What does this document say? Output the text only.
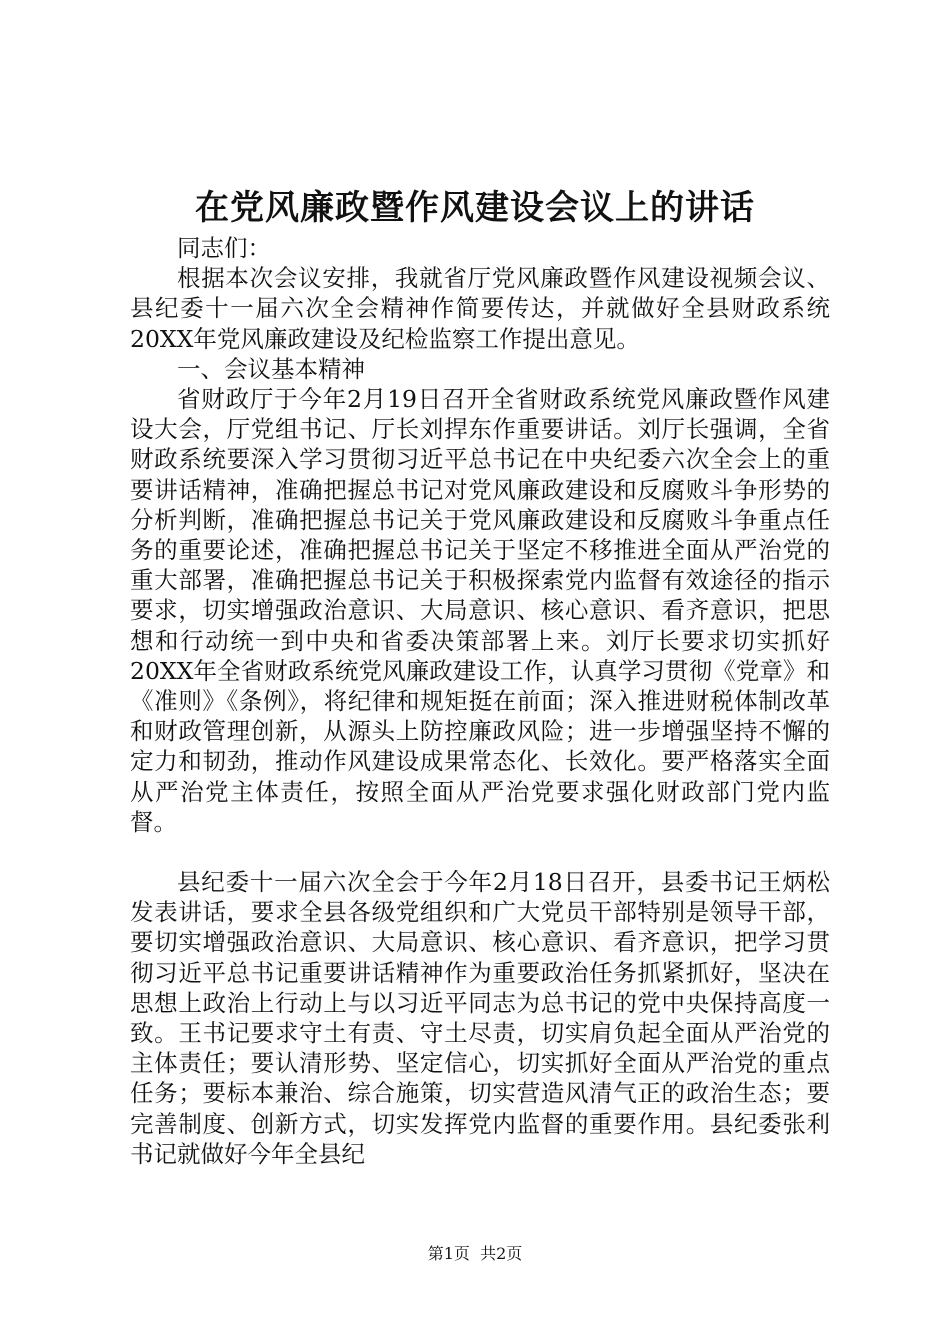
在党风廉政暨作风建设会议上的讲话

同志们：

根据本次会议安排，我就省厅党风廉政暨作风建设视频会议、县纪委十一届六次全会精神作简要传达，并就做好全县财政系统20XX年党风廉政建设及纪检监察工作提出意见。

一、会议基本精神

省财政厅于今年2月19日召开全省财政系统党风廉政暨作风建设大会，厅党组书记、厅长刘捍东作重要讲话。刘厅长强调，全省财政系统要深入学习贯彻习近平总书记在中央纪委六次全会上的重要讲话精神，准确把握总书记对党风廉政建设和反腐败斗争形势的分析判断，准确把握总书记关于党风廉政建设和反腐败斗争重点任务的重要论述，准确把握总书记关于坚定不移推进全面从严治党的重大部署，准确把握总书记关于积极探索党内监督有效途径的指示要求，切实增强政治意识、大局意识、核心意识、看齐意识，把思想和行动统一到中央和省委决策部署上来。刘厅长要求切实抓好20XX年全省财政系统党风廉政建设工作，认真学习贯彻《党章》和《准则》《条例》，将纪律和规矩挺在前面；深入推进财税体制改革和财政管理创新，从源头上防控廉政风险；进一步增强坚持不懈的定力和韧劲，推动作风建设成果常态化、长效化。要严格落实全面从严治党主体责任，按照全面从严治党要求强化财政部门党内监督。

县纪委十一届六次全会于今年2月18日召开，县委书记王炳松发表讲话，要求全县各级党组织和广大党员干部特别是领导干部，要切实增强政治意识、大局意识、核心意识、看齐意识，把学习贯彻习近平总书记重要讲话精神作为重要政治任务抓紧抓好，坚决在思想上政治上行动上与以习近平同志为总书记的党中央保持高度一致。王书记要求守土有责、守土尽责，切实肩负起全面从严治党的主体责任；要认清形势、坚定信心，切实抓好全面从严治党的重点任务；要标本兼治、综合施策，切实营造风清气正的政治生态；要完善制度、创新方式，切实发挥党内监督的重要作用。县纪委张利书记就做好今年全县纪

第1页 共2页
